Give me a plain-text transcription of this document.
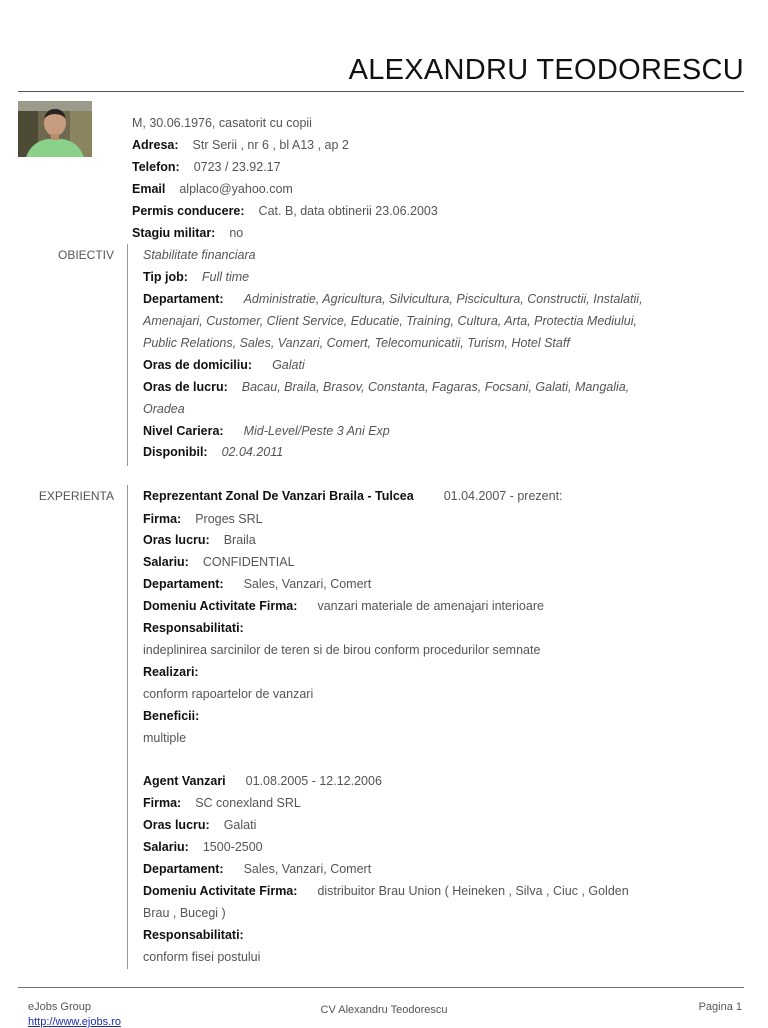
ALEXANDRU TEODORESCU
M, 30.06.1976, casatorit cu copii
Adresa: Str Serii , nr 6 , bl A13 , ap 2
Telefon: 0723 / 23.92.17
Email alplaco@yahoo.com
Permis conducere: Cat. B, data obtinerii 23.06.2003
Stagiu militar: no
OBIECTIV Stabilitate financiara
Tip job: Full time
Departament: Administratie, Agricultura, Silvicultura, Piscicultura, Constructii, Instalatii,
Amenajari, Customer, Client Service, Educatie, Training, Cultura, Arta, Protectia Mediului,
Public Relations, Sales, Vanzari, Comert, Telecomunicatii, Turism, Hotel Staff
Oras de domiciliu: Galati
Oras de lucru: Bacau, Braila, Brasov, Constanta, Fagaras, Focsani, Galati, Mangalia,
Oradea
Nivel Cariera: Mid-Level/Peste 3 Ani Exp
Disponibil: 02.04.2011
EXPERIENTA Reprezentant Zonal De Vanzari Braila - Tulcea 01.04.2007 - prezent:
Firma: Proges SRL
Oras lucru: Braila
Salariu: CONFIDENTIAL
Departament: Sales, Vanzari, Comert
Domeniu Activitate Firma: vanzari materiale de amenajari interioare
Responsabilitati:
indeplinirea sarcinilor de teren si de birou conform procedurilor semnate
Realizari:
conform rapoartelor de vanzari
Beneficii:
multiple
Agent Vanzari 01.08.2005 - 12.12.2006
Firma: SC conexland SRL
Oras lucru: Galati
Salariu: 1500-2500
Departament: Sales, Vanzari, Comert
Domeniu Activitate Firma: distribuitor Brau Union ( Heineken , Silva , Ciuc , Golden
Brau , Bucegi )
Responsabilitati:
conform fisei postului
eJobs Group
http://www.ejobs.ro
CV Alexandru Teodorescu	Pagina 1
